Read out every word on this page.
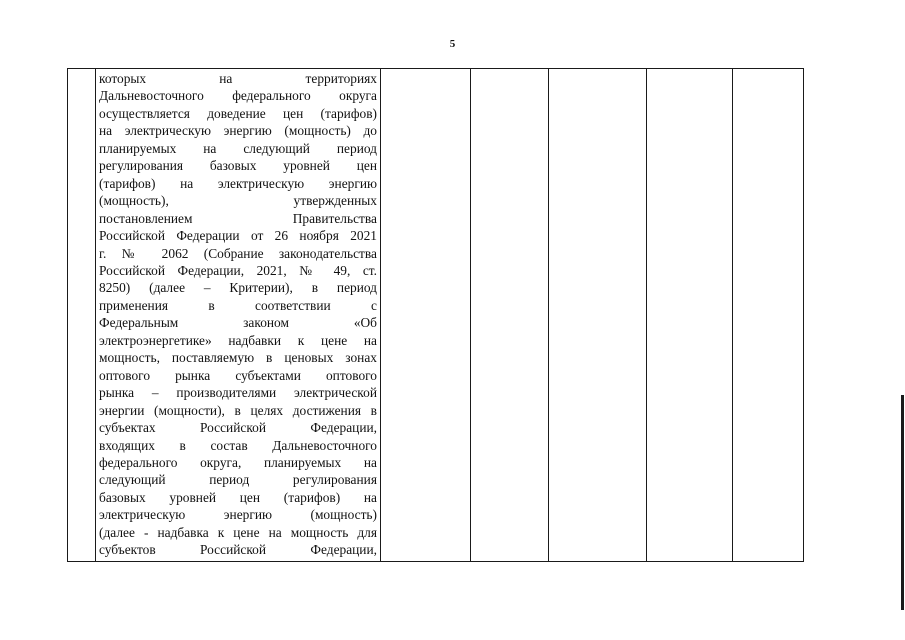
5

которых на территориях
Дальневосточного федерального округа
осуществляется доведение цен (тарифов)
на электрическую энергию (мощность) до
планируемых на следующий период
регулирования базовых уровней цен
(тарифов) на электрическую энергию
(мощность), утвержденных
постановлением Правительства
Российской Федерации от 26 ноября 2021
г. № 2062 (Собрание законодательства
Российской Федерации, 2021, № 49, ст.
8250) (далее – Критерии), в период
применения в соответствии с
Федеральным законом «Об
электроэнергетике» надбавки к цене на
мощность, поставляемую в ценовых зонах
оптового рынка субъектами оптового
рынка – производителями электрической
энергии (мощности), в целях достижения в
субъектах Российской Федерации,
входящих в состав Дальневосточного
федерального округа, планируемых на
следующий период регулирования
базовых уровней цен (тарифов) на
электрическую энергию (мощность)
(далее - надбавка к цене на мощность для
субъектов Российской Федерации,
